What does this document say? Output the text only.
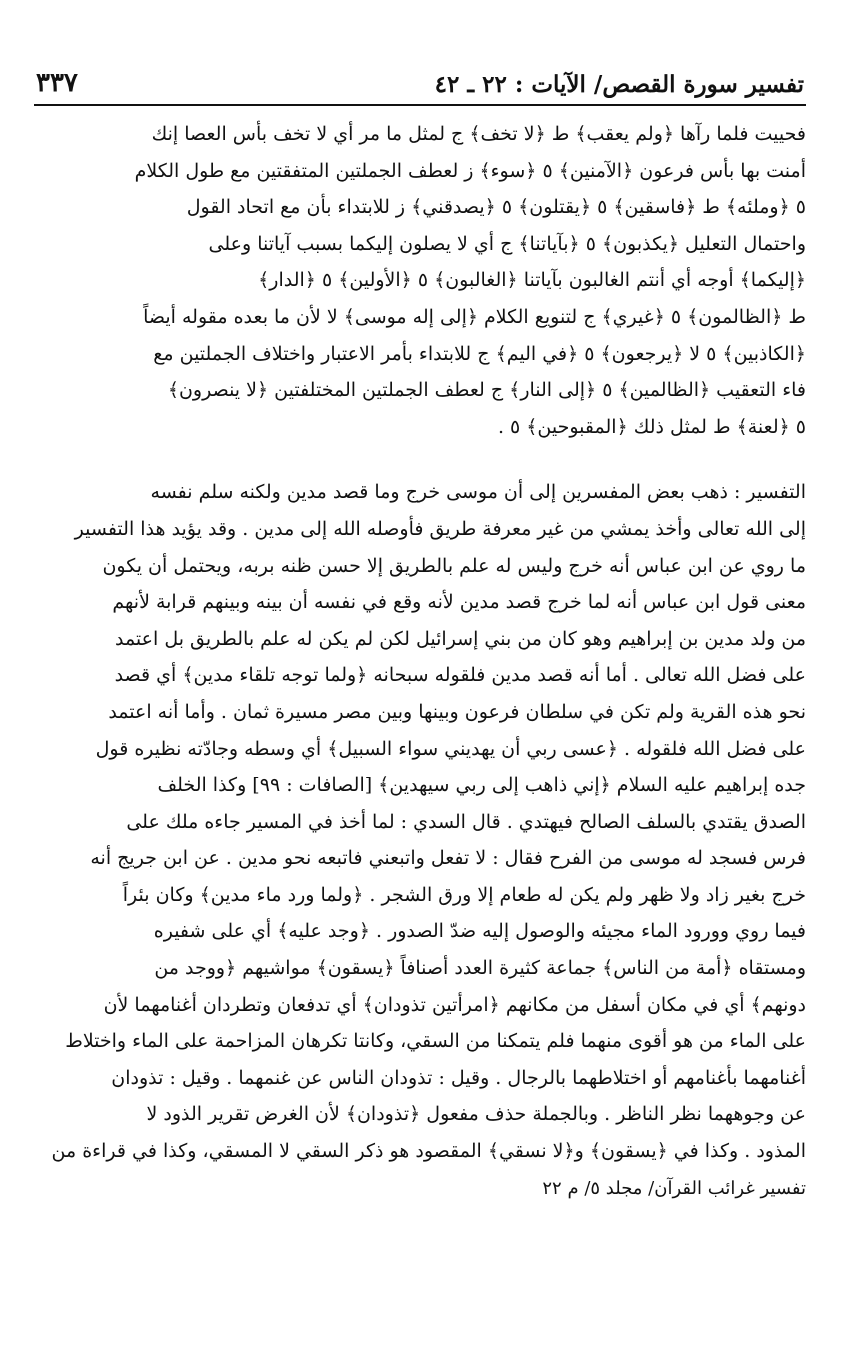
تفسير سورة القصص/ الآيات : ٢٢ ـ ٤٢
٣٣٧

فحييت فلما رآها ﴿ولم يعقب﴾ ط ﴿لا تخف﴾ ج لمثل ما مر أي لا تخف بأس العصا إنك

أمنت بها بأس فرعون ﴿الآمنين﴾ ٥ ﴿سوء﴾ ز لعطف الجملتين المتفقتين مع طول الكلام

٥ ﴿وملئه﴾ ط ﴿فاسقين﴾ ٥ ﴿يقتلون﴾ ٥ ﴿يصدقني﴾ ز للابتداء بأن مع اتحاد القول

واحتمال التعليل ﴿يكذبون﴾ ٥ ﴿بآياتنا﴾ ج أي لا يصلون إليكما بسبب آياتنا وعلى

﴿إليكما﴾ أوجه أي أنتم الغالبون بآياتنا ﴿الغالبون﴾ ٥ ﴿الأولين﴾ ٥ ﴿الدار﴾

ط ﴿الظالمون﴾ ٥ ﴿غيري﴾ ج لتنويع الكلام ﴿إلى إله موسى﴾ لا لأن ما بعده مقوله أيضاً

﴿الكاذبين﴾ ٥ لا ﴿يرجعون﴾ ٥ ﴿في اليم﴾ ج للابتداء بأمر الاعتبار واختلاف الجملتين مع

فاء التعقيب ﴿الظالمين﴾ ٥ ﴿إلى النار﴾ ج لعطف الجملتين المختلفتين ﴿لا ينصرون﴾

٥ ﴿لعنة﴾ ط لمثل ذلك ﴿المقبوحين﴾ ٥ .

التفسير : ذهب بعض المفسرين إلى أن موسى خرج وما قصد مدين ولكنه سلم نفسه

إلى الله تعالى وأخذ يمشي من غير معرفة طريق فأوصله الله إلى مدين . وقد يؤيد هذا التفسير

ما روي عن ابن عباس أنه خرج وليس له علم بالطريق إلا حسن ظنه بربه، ويحتمل أن يكون

معنى قول ابن عباس أنه لما خرج قصد مدين لأنه وقع في نفسه أن بينه وبينهم قرابة لأنهم

من ولد مدين بن إبراهيم وهو كان من بني إسرائيل لكن لم يكن له علم بالطريق بل اعتمد

على فضل الله تعالى . أما أنه قصد مدين فلقوله سبحانه ﴿ولما توجه تلقاء مدين﴾ أي قصد

نحو هذه القرية ولم تكن في سلطان فرعون وبينها وبين مصر مسيرة ثمان . وأما أنه اعتمد

على فضل الله فلقوله . ﴿عسى ربي أن يهديني سواء السبيل﴾ أي وسطه وجادّته نظيره قول

جده إبراهيم عليه السلام ﴿إني ذاهب إلى ربي سيهدين﴾ [الصافات : ٩٩] وكذا الخلف

الصدق يقتدي بالسلف الصالح فيهتدي . قال السدي : لما أخذ في المسير جاءه ملك على

فرس فسجد له موسى من الفرح فقال : لا تفعل واتبعني فاتبعه نحو مدين . عن ابن جريج أنه

خرج بغير زاد ولا ظهر ولم يكن له طعام إلا ورق الشجر . ﴿ولما ورد ماء مدين﴾ وكان بئراً

فيما روي وورود الماء مجيئه والوصول إليه ضدّ الصدور . ﴿وجد عليه﴾ أي على شفيره

ومستقاه ﴿أمة من الناس﴾ جماعة كثيرة العدد أصنافاً ﴿يسقون﴾ مواشيهم ﴿ووجد من

دونهم﴾ أي في مكان أسفل من مكانهم ﴿امرأتين تذودان﴾ أي تدفعان وتطردان أغنامهما لأن

على الماء من هو أقوى منهما فلم يتمكنا من السقي، وكانتا تكرهان المزاحمة على الماء واختلاط

أغنامهما بأغنامهم أو اختلاطهما بالرجال . وقيل : تذودان الناس عن غنمهما . وقيل : تذودان

عن وجوههما نظر الناظر . وبالجملة حذف مفعول ﴿تذودان﴾ لأن الغرض تقرير الذود لا

المذود . وكذا في ﴿يسقون﴾ و﴿لا نسقي﴾ المقصود هو ذكر السقي لا المسقي، وكذا في قراءة من

تفسير غرائب القرآن/ مجلد ٥/ م ٢٢
